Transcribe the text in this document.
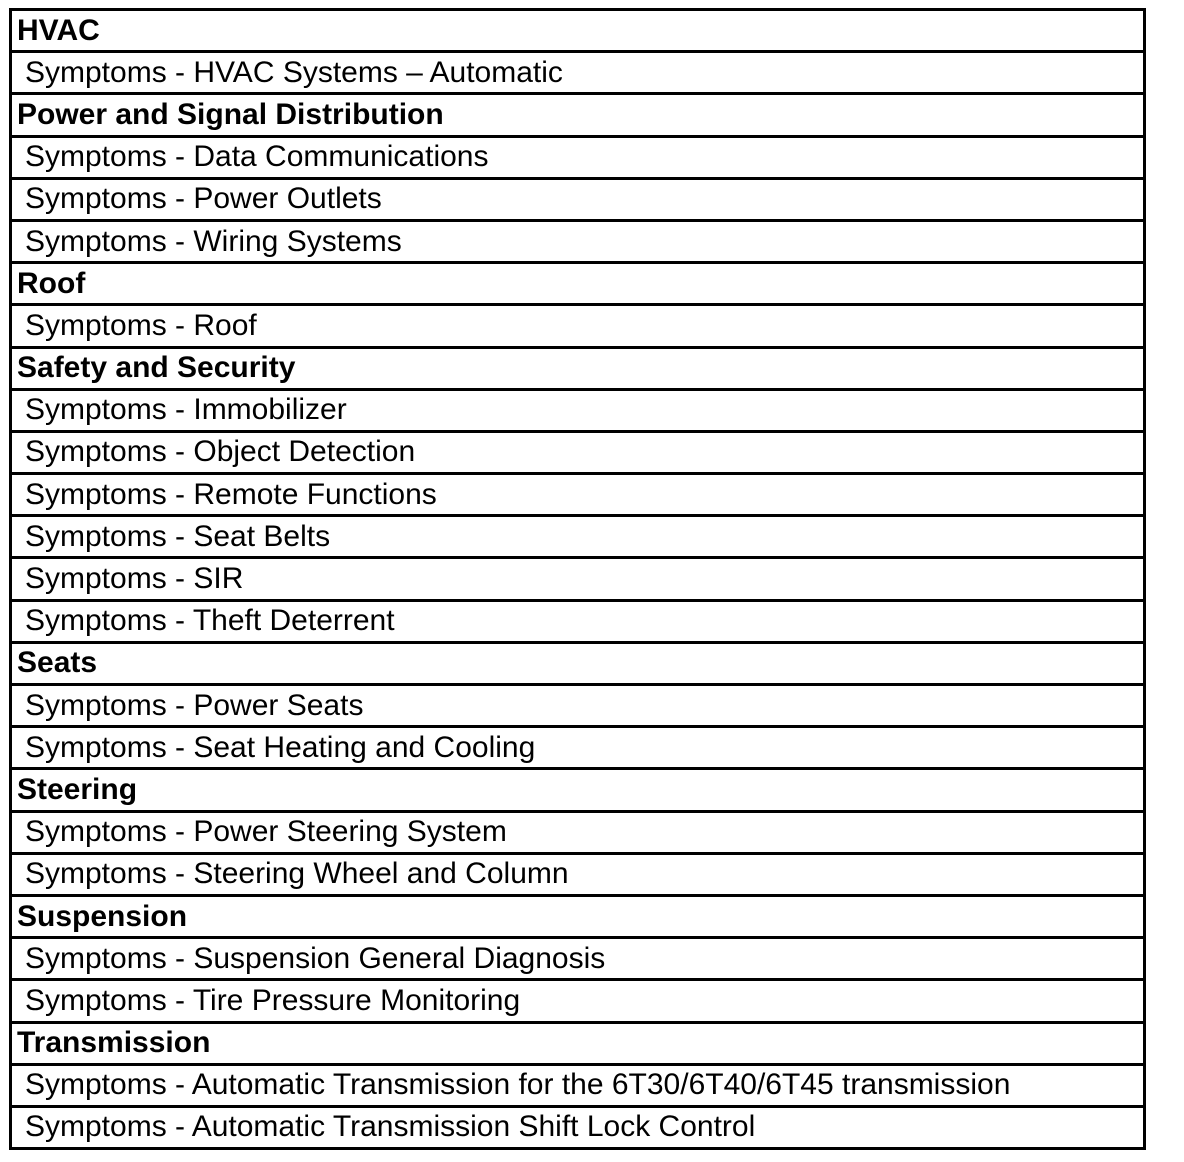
HVAC
Symptoms - HVAC Systems – Automatic
Power and Signal Distribution
Symptoms - Data Communications
Symptoms - Power Outlets
Symptoms - Wiring Systems
Roof
Symptoms - Roof
Safety and Security
Symptoms - Immobilizer
Symptoms - Object Detection
Symptoms - Remote Functions
Symptoms - Seat Belts
Symptoms - SIR
Symptoms - Theft Deterrent
Seats
Symptoms - Power Seats
Symptoms - Seat Heating and Cooling
Steering
Symptoms - Power Steering System
Symptoms - Steering Wheel and Column
Suspension
Symptoms - Suspension General Diagnosis
Symptoms - Tire Pressure Monitoring
Transmission
Symptoms - Automatic Transmission for the 6T30/6T40/6T45 transmission
Symptoms - Automatic Transmission Shift Lock Control
